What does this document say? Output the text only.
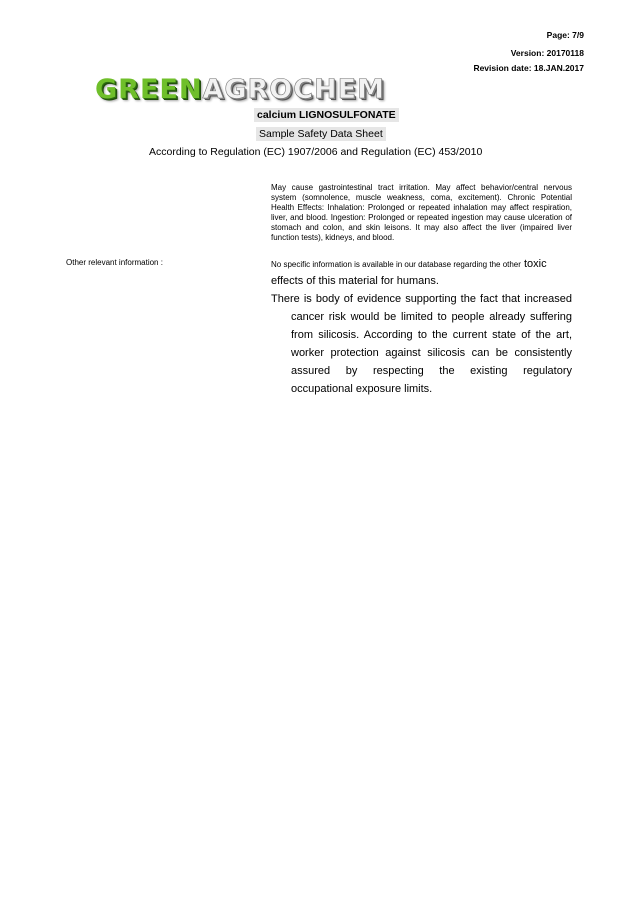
Page: 7/9
Version: 20170118
Revision date: 18.JAN.2017
GREENAGROCHEM
calcium LIGNOSULFONATE
Sample Safety Data Sheet
According to Regulation (EC) 1907/2006 and Regulation (EC) 453/2010
May cause gastrointestinal tract irritation. May affect behavior/central nervous system (somnolence, muscle weakness, coma, excitement). Chronic Potential Health Effects: Inhalation: Prolonged or repeated inhalation may affect respiration, liver, and blood. Ingestion: Prolonged or repeated ingestion may cause ulceration of stomach and colon, and skin leisons. It may also affect the liver (impaired liver function tests), kidneys, and blood.
Other relevant information :	No specific information is available in our database regarding the other toxic effects of this material for humans.
There is body of evidence supporting the fact that increased cancer risk would be limited to people already suffering from silicosis. According to the current state of the art, worker protection against silicosis can be consistently assured by respecting the existing regulatory occupational exposure limits.
